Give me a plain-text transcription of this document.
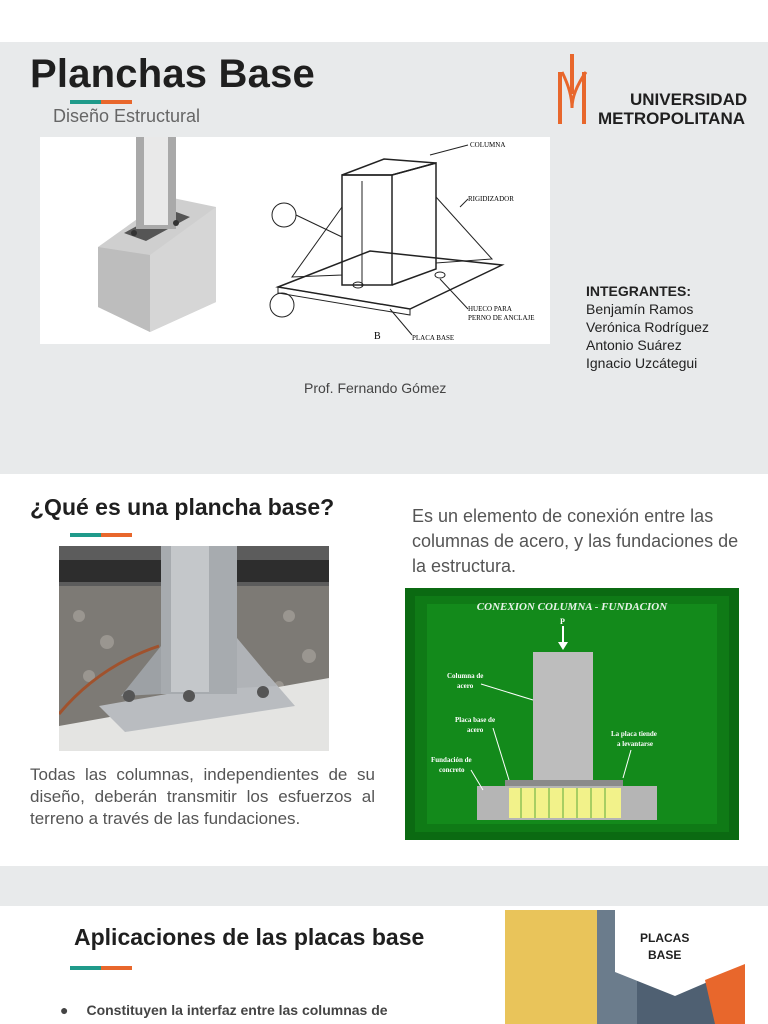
Planchas Base
Diseño Estructural
UNIVERSIDAD
METROPOLITANA
COLUMNA
RIGIDIZADOR
HUECO PARA
PERNO DE ANCLAJE
PLACA BASE
B
INTEGRANTES:
Benjamín Ramos
Verónica Rodríguez
Antonio Suárez
Ignacio Uzcátegui
Prof. Fernando Gómez
¿Qué es una plancha base?	Es un elemento de conexión entre las columnas de acero, y las fundaciones de la estructura.
Todas las columnas, independientes de su diseño, deberán transmitir los esfuerzos al terreno a través de las fundaciones.
CONEXION COLUMNA - FUNDACION
P
Columna de
acero
Placa base de
acero
Fundación de
concreto
La placa tiende
a levantarse
Aplicaciones de las placas base
● Constituyen la interfaz entre las columnas de
PLACAS
BASE
